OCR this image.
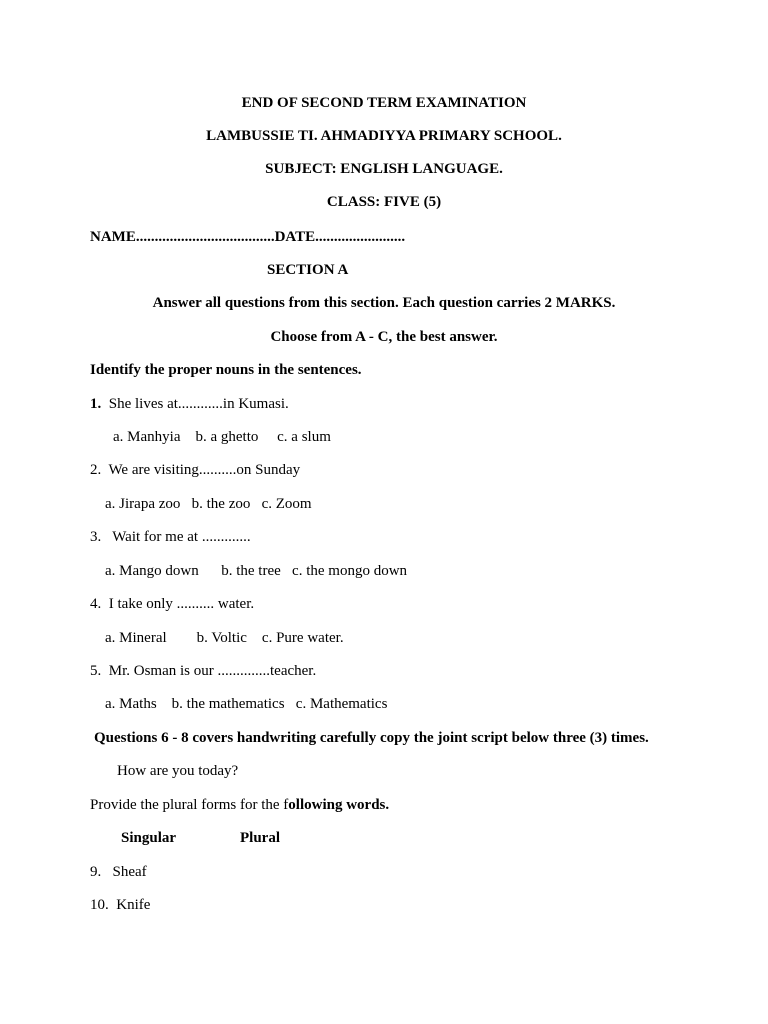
END OF SECOND TERM EXAMINATION
LAMBUSSIE TI. AHMADIYYA PRIMARY SCHOOL.
SUBJECT: ENGLISH LANGUAGE.
CLASS: FIVE (5)
NAME.....................................DATE........................
SECTION A
Answer all questions from this section. Each question carries 2 MARKS.
Choose from A - C, the best answer.
Identify the proper nouns in the sentences.
1.  She lives at............in Kumasi.
a. Manhyia    b. a ghetto     c. a slum
2.  We are visiting..........on Sunday
a. Jirapa zoo   b. the zoo   c. Zoom
3.   Wait for me at .............
a. Mango down      b. the tree   c. the mongo down
4.  I take only .......... water.
a. Mineral        b. Voltic    c. Pure water.
5.  Mr. Osman is our ..............teacher.
a. Maths    b. the mathematics   c. Mathematics
Questions 6 - 8 covers handwriting carefully copy the joint script below three (3) times.
How are you today?
Provide the plural forms for the following words.
Singular	Plural
9.   Sheaf
10.  Knife
